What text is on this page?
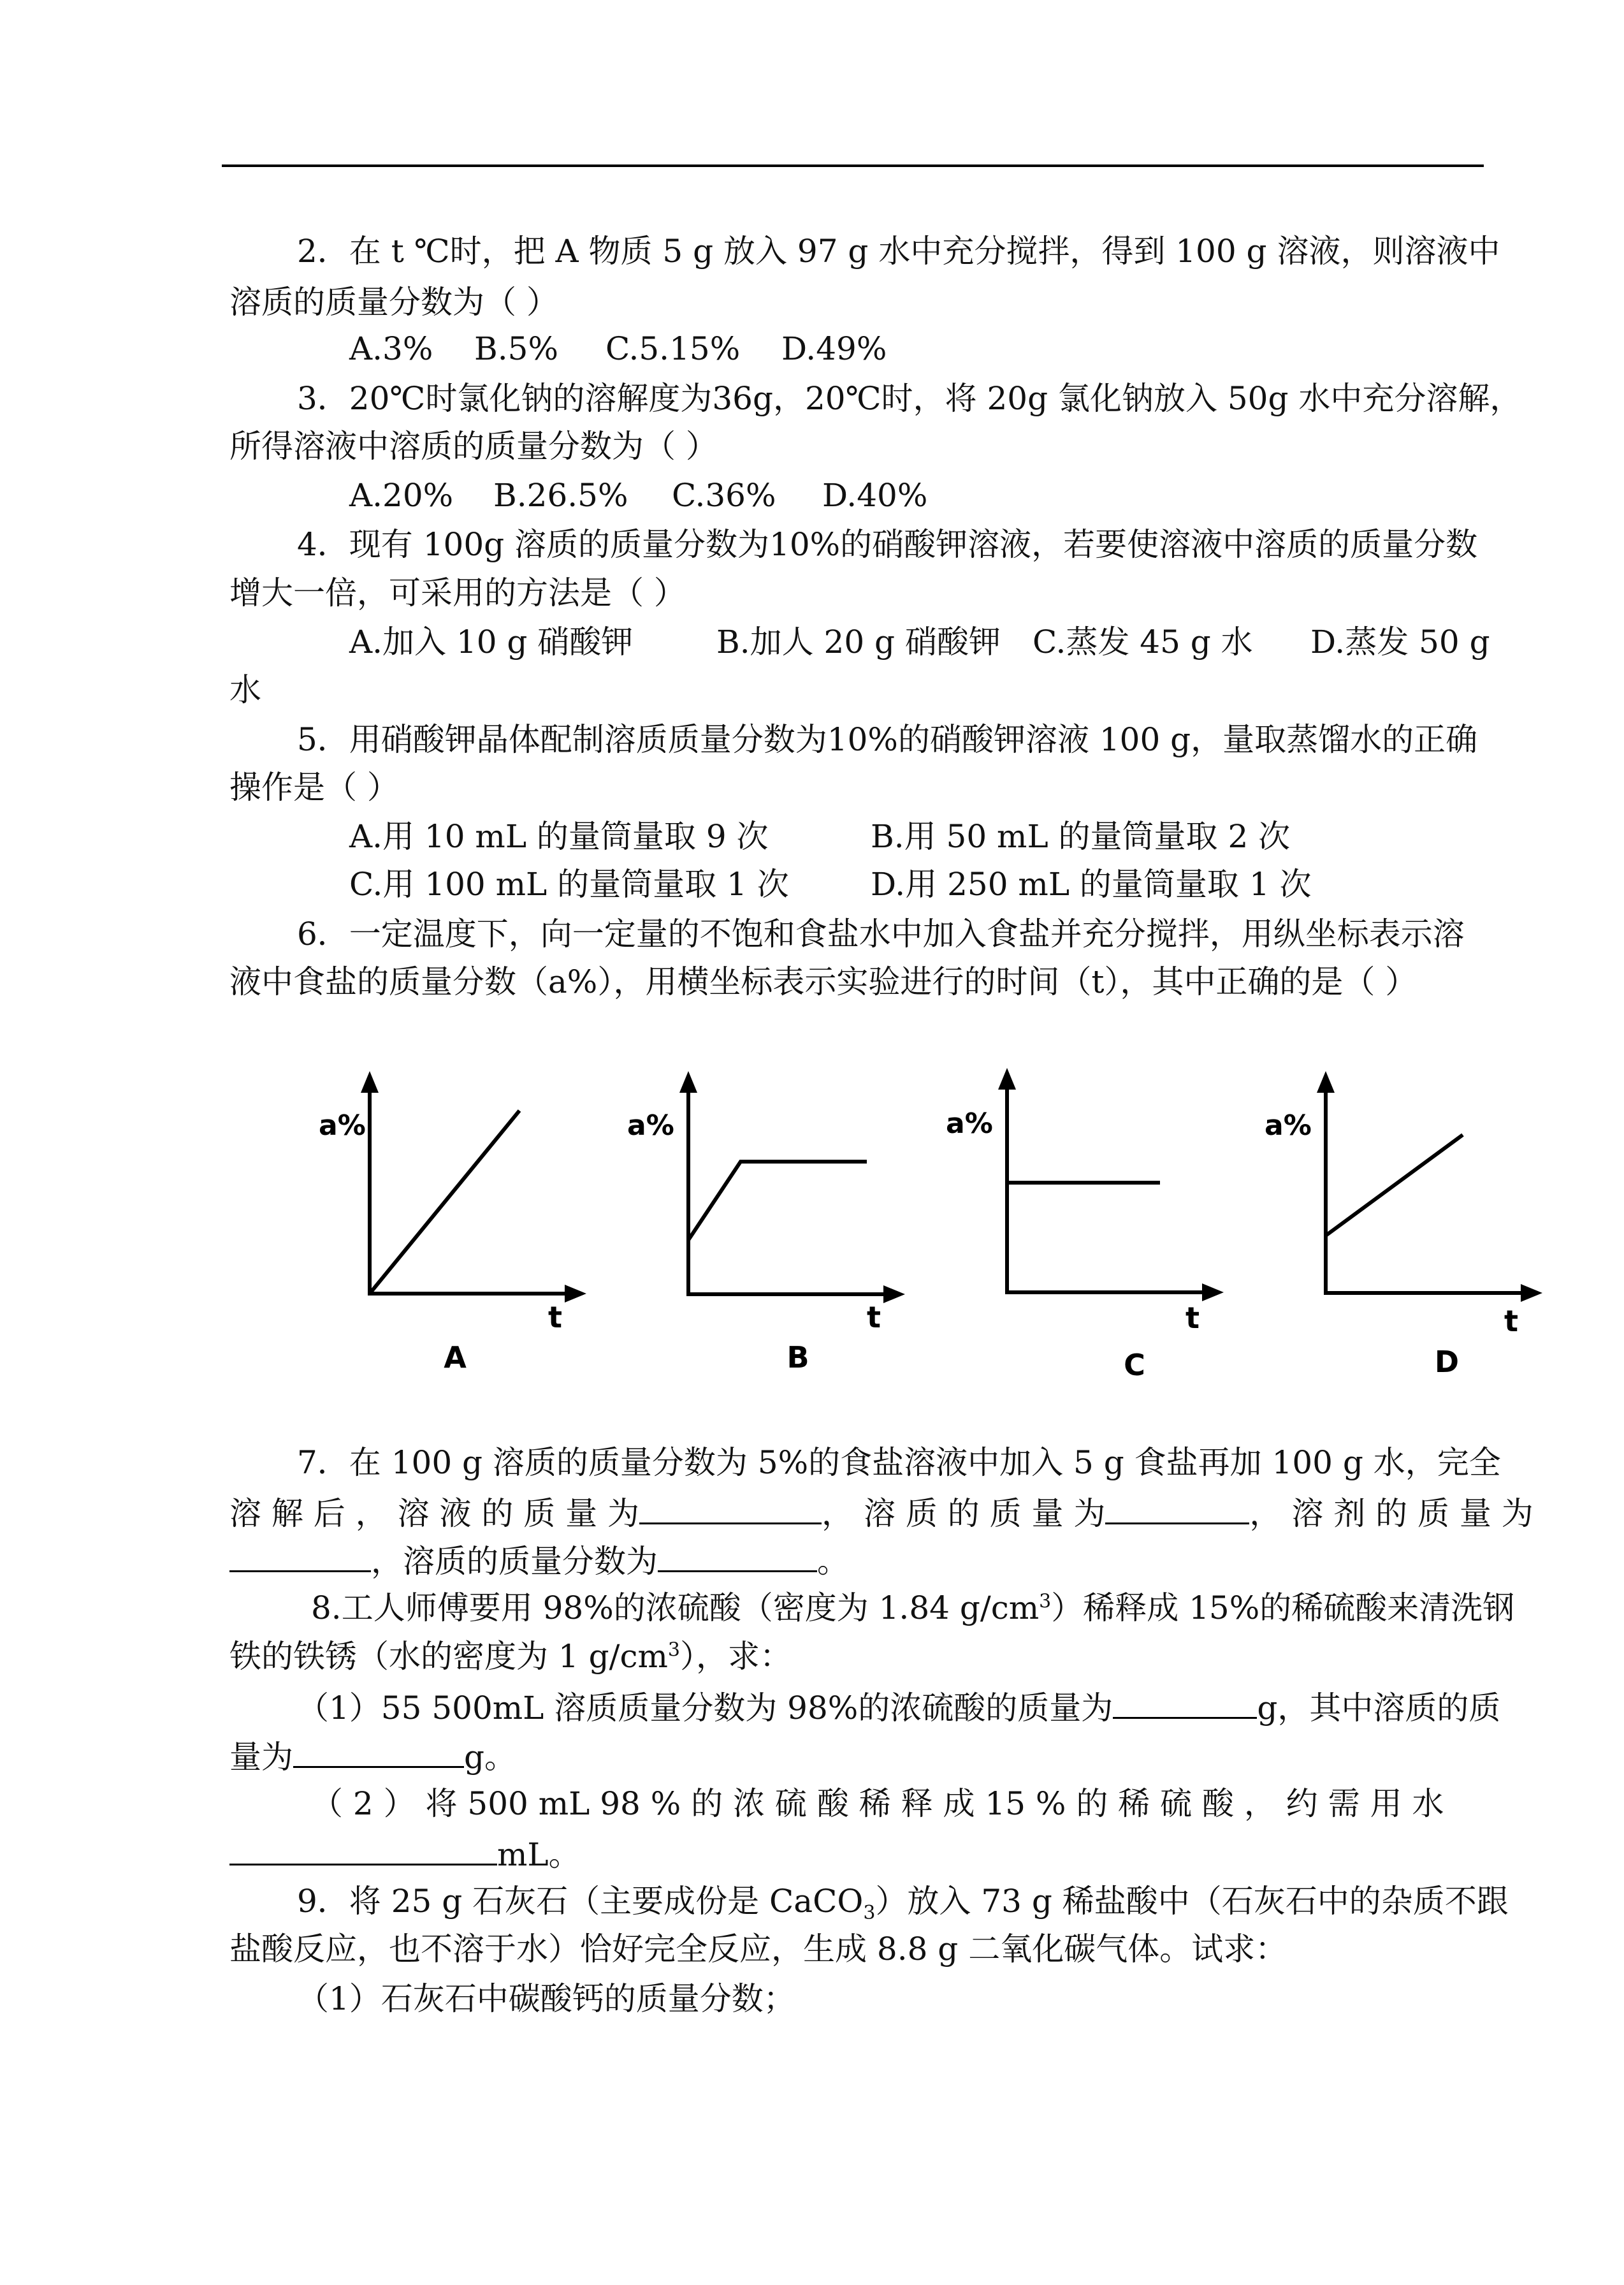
2．在 t ℃时，把 A 物质 5 g 放入 97 g 水中充分搅拌，得到 100 g 溶液，则溶液中
溶质的质量分数为（ ）
A.3% B.5% C.5.15% D.49%
3．20℃时氯化钠的溶解度为36g，20℃时，将 20g 氯化钠放入 50g 水中充分溶解，
所得溶液中溶质的质量分数为（ ）
A.20% B.26.5% C.36% D.40%
4．现有 100g 溶质的质量分数为10%的硝酸钾溶液，若要使溶液中溶质的质量分数
增大一倍，可采用的方法是（ ）
A.加入 10 g 硝酸钾	B.加人 20 g 硝酸钾 C.蒸发 45 g 水 D.蒸发 50 g
水
5．用硝酸钾晶体配制溶质质量分数为10%的硝酸钾溶液 100 g，量取蒸馏水的正确
操作是（ ）
A.用 10 mL 的量筒量取 9 次	B.用 50 mL 的量筒量取 2 次
C.用 100 mL 的量筒量取 1 次	D.用 250 mL 的量筒量取 1 次
6．一定温度下，向一定量的不饱和食盐水中加入食盐并充分搅拌，用纵坐标表示溶
液中食盐的质量分数（a%），用横坐标表示实验进行的时间（t），其中正确的是（ ）
a%
t
A
a%
t
B
a%
t
C
a%
t
D
7．在 100 g 溶质的质量分数为 5%的食盐溶液中加入 5 g 食盐再加 100 g 水，完全
溶 解 后 ， 溶 液 的 质 量 为	， 溶 质 的 质 量 为	， 溶 剂 的 质 量 为
，溶质的质量分数为	。
8.工人师傅要用 98%的浓硫酸（密度为 1.84 $g/cm^3$）稀释成 15%的稀硫酸来清洗钢
铁的铁锈（水的密度为 1 $g/cm^3$），求：
（1）55 500mL 溶质质量分数为 98%的浓硫酸的质量为	g，其中溶质的质
量为	g。
（ 2 ） 将 500 mL 98 % 的 浓 硫 酸 稀 释 成 15 % 的 稀 硫 酸 ， 约 需 用 水
mL。
9．将 25 g 石灰石（主要成份是 CaCO$_3$）放入 73 g 稀盐酸中（石灰石中的杂质不跟
盐酸反应，也不溶于水）恰好完全反应，生成 8.8 g 二氧化碳气体。试求：
（1）石灰石中碳酸钙的质量分数；
